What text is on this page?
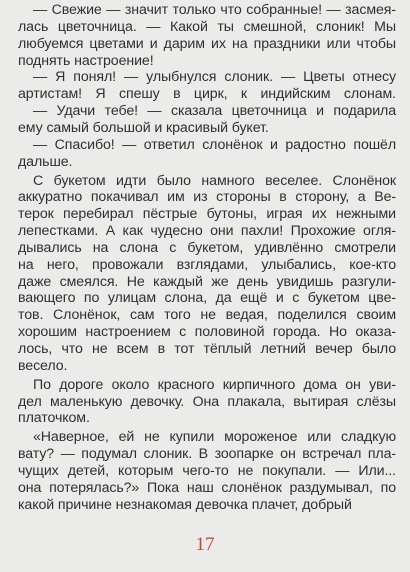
— Свежие — значит только что собранные! — засмея-
лась цветочница. — Какой ты смешной, слоник! Мы
любуемся цветами и дарим их на праздники или чтобы
поднять настроение!
— Я понял! — улыбнулся слоник. — Цветы отнесу
артистам! Я спешу в цирк, к индийским слонам.
— Удачи тебе! — сказала цветочница и подарила
ему самый большой и красивый букет.
— Спасибо! — ответил слонёнок и радостно пошёл
дальше.
С букетом идти было намного веселее. Слонёнок
аккуратно покачивал им из стороны в сторону, а Ве-
терок перебирал пёстрые бутоны, играя их нежными
лепестками. А как чудесно они пахли! Прохожие огля-
дывались на слона с букетом, удивлённо смотрели
на него, провожали взглядами, улыбались, кое-кто
даже смеялся. Не каждый же день увидишь разгули-
вающего по улицам слона, да ещё и с букетом цве-
тов. Слонёнок, сам того не ведая, поделился своим
хорошим настроением с половиной города. Но оказа-
лось, что не всем в тот тёплый летний вечер было
весело.
По дороге около красного кирпичного дома он уви-
дел маленькую девочку. Она плакала, вытирая слёзы
платочком.
«Наверное, ей не купили мороженое или сладкую
вату? — подумал слоник. В зоопарке он встречал пла-
чущих детей, которым чего-то не покупали. — Или...
она потерялась?» Пока наш слонёнок раздумывал, по
какой причине незнакомая девочка плачет, добрый
17
